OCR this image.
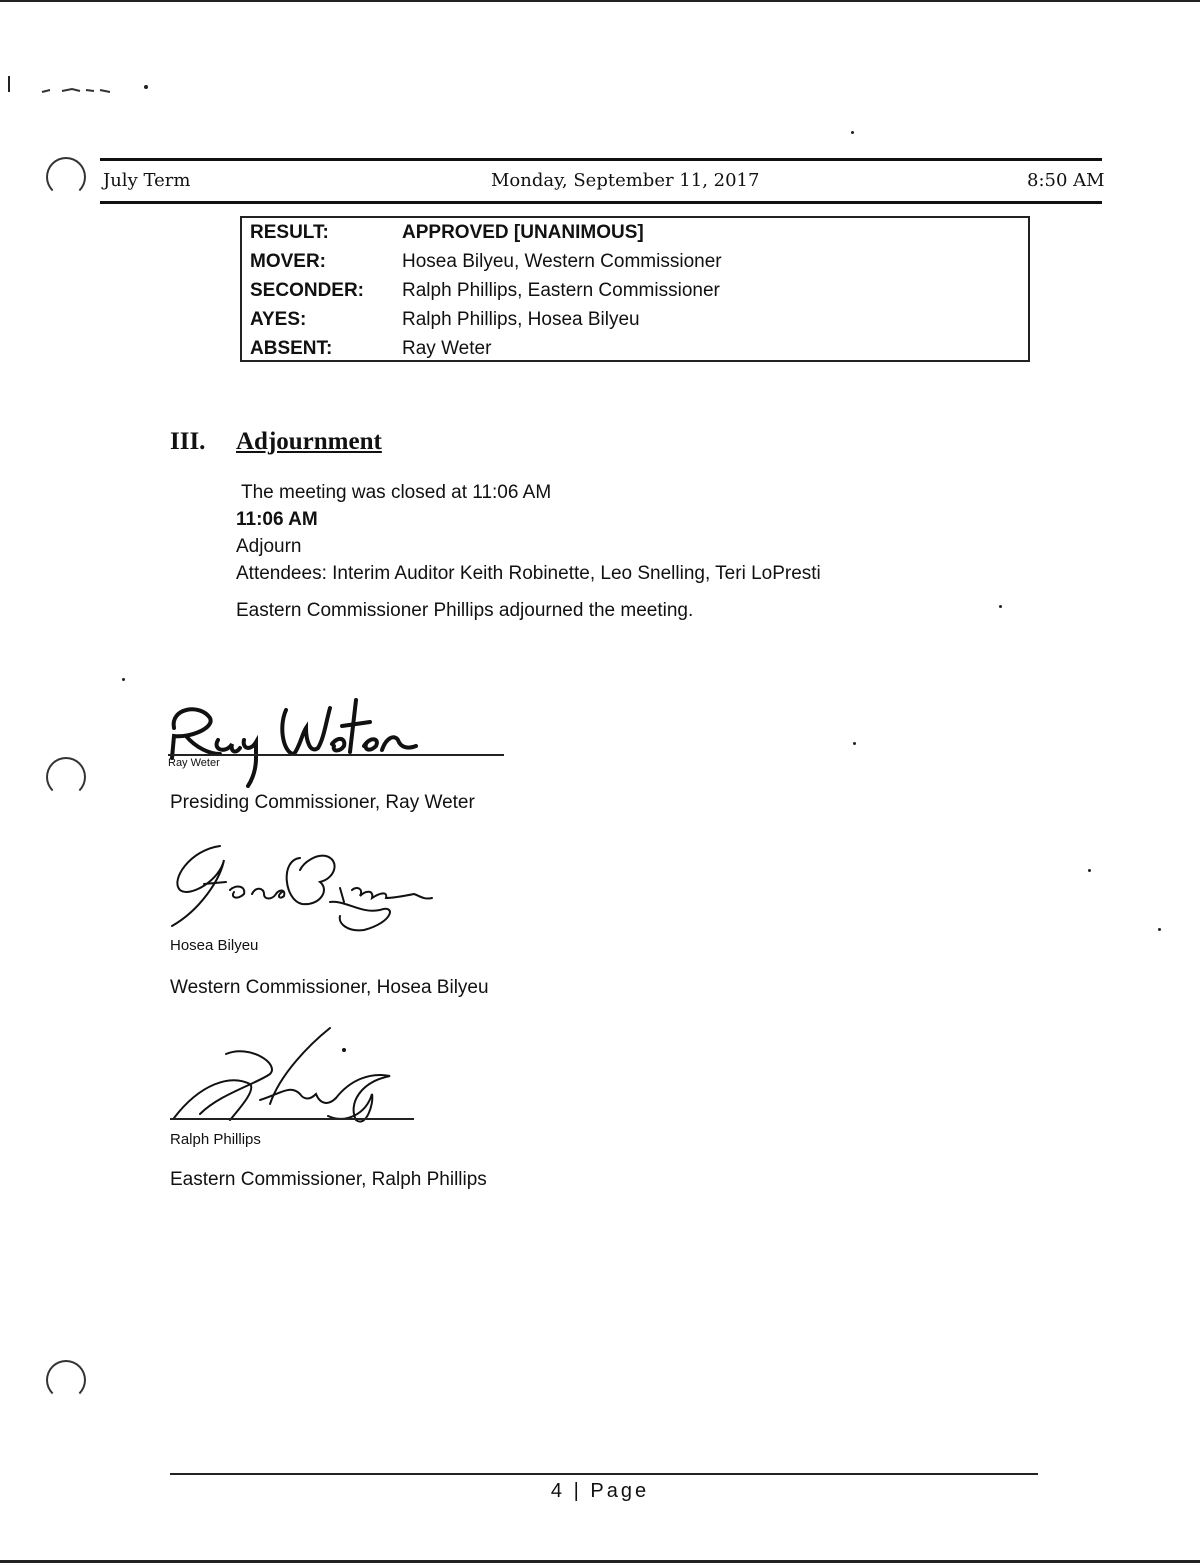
July Term	Monday, September 11, 2017	8:50 AM
RESULT:	APPROVED [UNANIMOUS]
MOVER:	Hosea Bilyeu, Western Commissioner
SECONDER: Ralph Phillips, Eastern Commissioner
AYES:	Ralph Phillips, Hosea Bilyeu
ABSENT:	Ray Weter
III. Adjournment
The meeting was closed at 11:06 AM
11:06 AM
Adjourn
Attendees: Interim Auditor Keith Robinette, Leo Snelling, Teri LoPresti
Eastern Commissioner Phillips adjourned the meeting.
Ray Weter
Presiding Commissioner, Ray Weter
Hosea Bilyeu
Western Commissioner, Hosea Bilyeu
Ralph Phillips
Eastern Commissioner, Ralph Phillips
4 | Page
